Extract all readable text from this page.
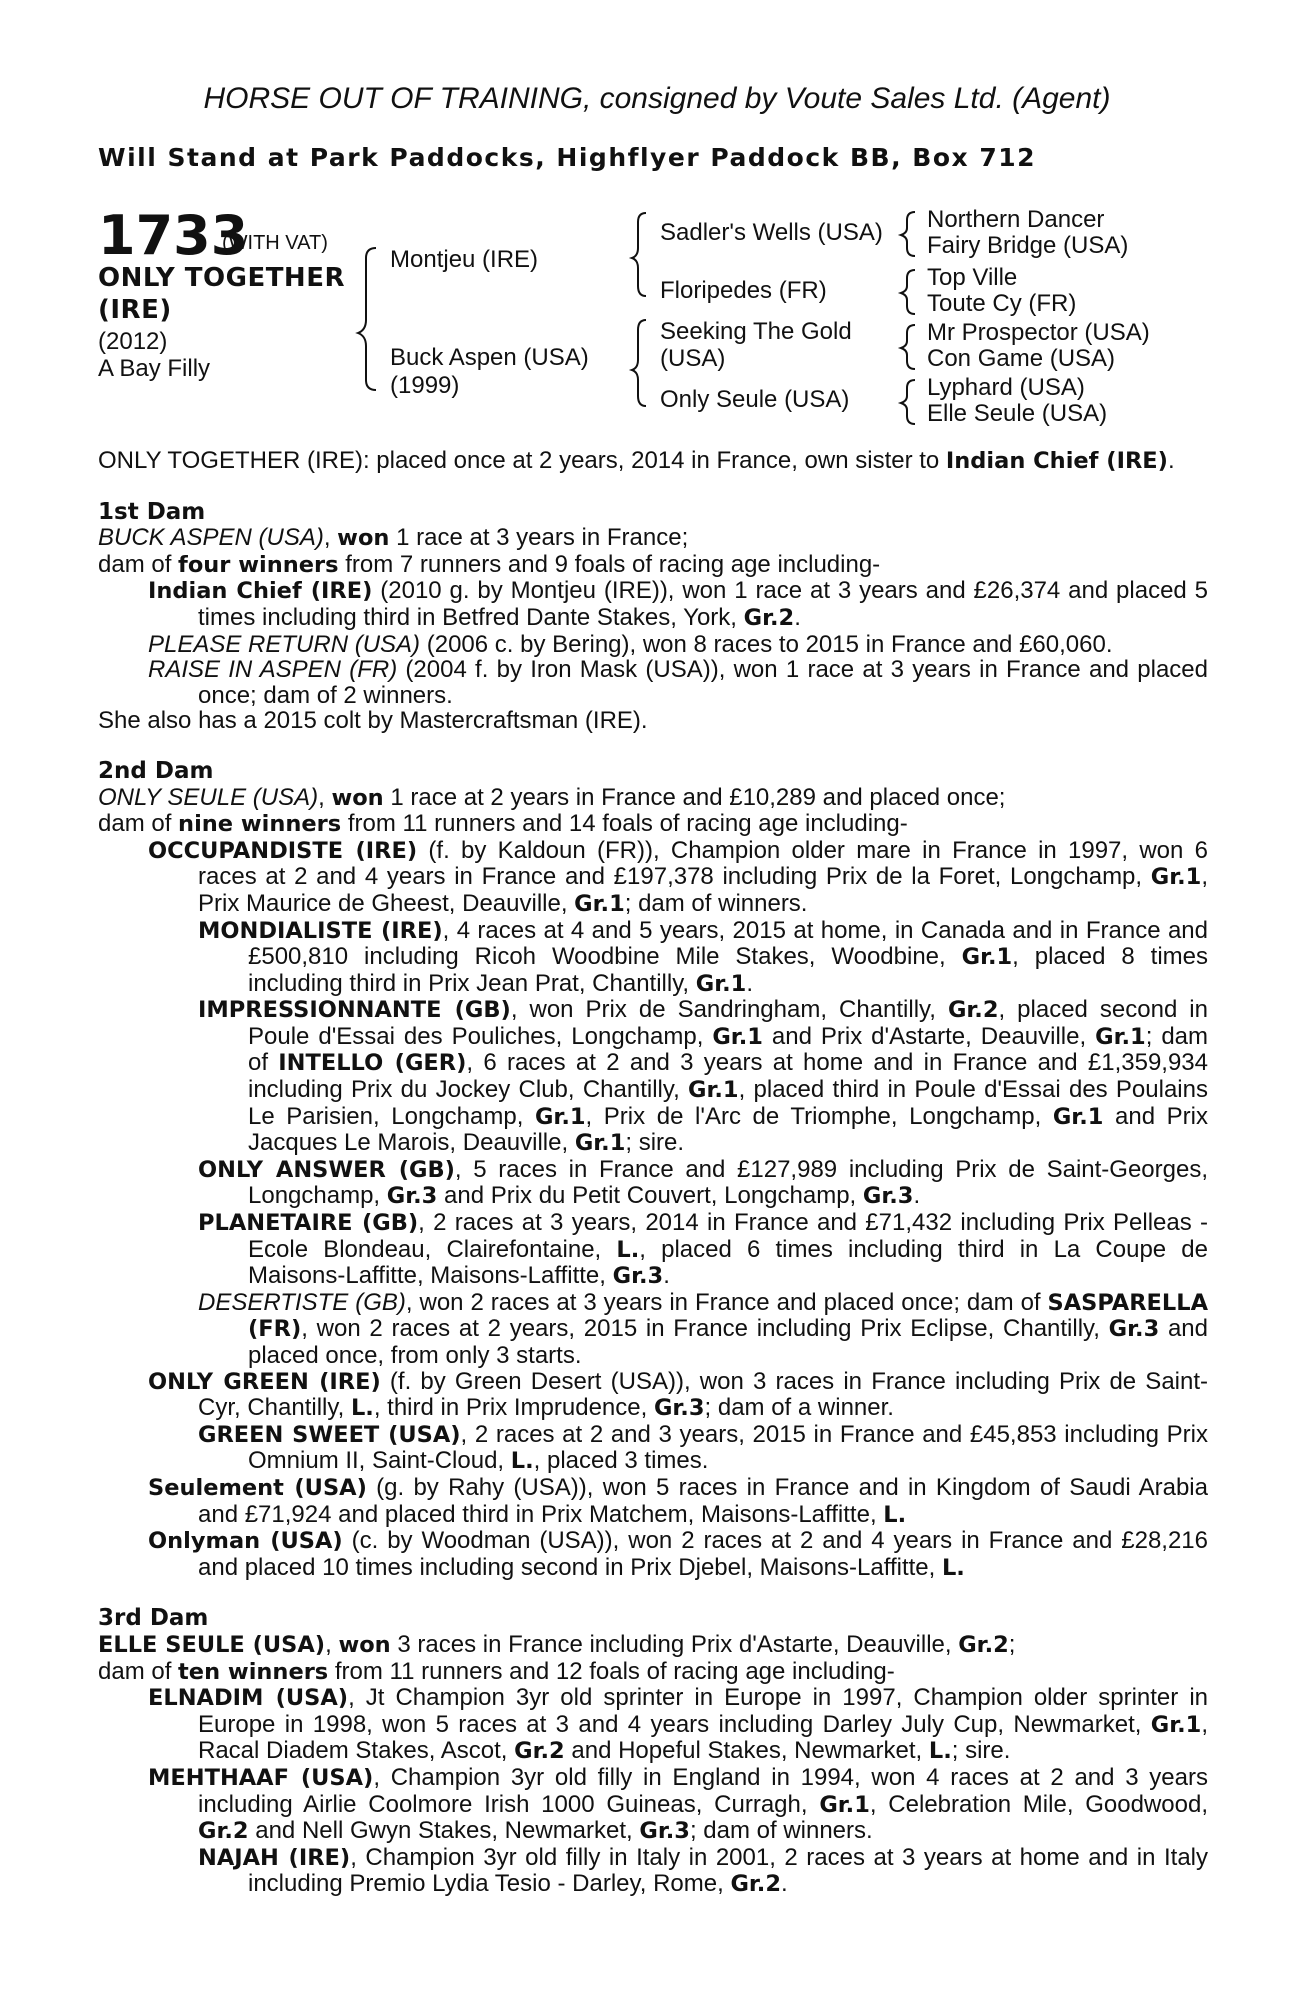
HORSE OUT OF TRAINING, consigned by Voute Sales Ltd. (Agent)
Will Stand at Park Paddocks, Highflyer Paddock BB, Box 712
1733
(WITH VAT)
ONLY TOGETHER (IRE)
(2012)
A Bay Filly
Montjeu (IRE)
Buck Aspen (USA)
(1999)
Sadler's Wells (USA)
Floripedes (FR)
Seeking The Gold
(USA)
Only Seule (USA)
Northern Dancer
Fairy Bridge (USA)
Top Ville
Toute Cy (FR)
Mr Prospector (USA)
Con Game (USA)
Lyphard (USA)
Elle Seule (USA)

ONLY TOGETHER (IRE): placed once at 2 years, 2014 in France, own sister to Indian Chief (IRE).

1st Dam

BUCK ASPEN (USA), won 1 race at 3 years in France;

dam of four winners from 7 runners and 9 foals of racing age including-

Indian Chief (IRE) (2010 g. by Montjeu (IRE)), won 1 race at 3 years and £26,374 and placed 5 times including third in Betfred Dante Stakes, York, Gr.2.

PLEASE RETURN (USA) (2006 c. by Bering), won 8 races to 2015 in France and £60,060.

RAISE IN ASPEN (FR) (2004 f. by Iron Mask (USA)), won 1 race at 3 years in France and placed once; dam of 2 winners.

She also has a 2015 colt by Mastercraftsman (IRE).

2nd Dam

ONLY SEULE (USA), won 1 race at 2 years in France and £10,289 and placed once;

dam of nine winners from 11 runners and 14 foals of racing age including-

OCCUPANDISTE (IRE) (f. by Kaldoun (FR)), Champion older mare in France in 1997, won 6 races at 2 and 4 years in France and £197,378 including Prix de la Foret, Longchamp, Gr.1, Prix Maurice de Gheest, Deauville, Gr.1; dam of winners.

MONDIALISTE (IRE), 4 races at 4 and 5 years, 2015 at home, in Canada and in France and £500,810 including Ricoh Woodbine Mile Stakes, Woodbine, Gr.1, placed 8 times including third in Prix Jean Prat, Chantilly, Gr.1.

IMPRESSIONNANTE (GB), won Prix de Sandringham, Chantilly, Gr.2, placed second in Poule d'Essai des Pouliches, Longchamp, Gr.1 and Prix d'Astarte, Deauville, Gr.1; dam of INTELLO (GER), 6 races at 2 and 3 years at home and in France and £1,359,934 including Prix du Jockey Club, Chantilly, Gr.1, placed third in Poule d'Essai des Poulains Le Parisien, Longchamp, Gr.1, Prix de l'Arc de Triomphe, Longchamp, Gr.1 and Prix Jacques Le Marois, Deauville, Gr.1; sire.

ONLY ANSWER (GB), 5 races in France and £127,989 including Prix de Saint-Georges, Longchamp, Gr.3 and Prix du Petit Couvert, Longchamp, Gr.3.

PLANETAIRE (GB), 2 races at 3 years, 2014 in France and £71,432 including Prix Pelleas - Ecole Blondeau, Clairefontaine, L., placed 6 times including third in La Coupe de Maisons-Laffitte, Maisons-Laffitte, Gr.3.

DESERTISTE (GB), won 2 races at 3 years in France and placed once; dam of SASPARELLA (FR), won 2 races at 2 years, 2015 in France including Prix Eclipse, Chantilly, Gr.3 and placed once, from only 3 starts.

ONLY GREEN (IRE) (f. by Green Desert (USA)), won 3 races in France including Prix de Saint-Cyr, Chantilly, L., third in Prix Imprudence, Gr.3; dam of a winner.

GREEN SWEET (USA), 2 races at 2 and 3 years, 2015 in France and £45,853 including Prix Omnium II, Saint-Cloud, L., placed 3 times.

Seulement (USA) (g. by Rahy (USA)), won 5 races in France and in Kingdom of Saudi Arabia and £71,924 and placed third in Prix Matchem, Maisons-Laffitte, L.

Onlyman (USA) (c. by Woodman (USA)), won 2 races at 2 and 4 years in France and £28,216 and placed 10 times including second in Prix Djebel, Maisons-Laffitte, L.

3rd Dam

ELLE SEULE (USA), won 3 races in France including Prix d'Astarte, Deauville, Gr.2;

dam of ten winners from 11 runners and 12 foals of racing age including-

ELNADIM (USA), Jt Champion 3yr old sprinter in Europe in 1997, Champion older sprinter in Europe in 1998, won 5 races at 3 and 4 years including Darley July Cup, Newmarket, Gr.1, Racal Diadem Stakes, Ascot, Gr.2 and Hopeful Stakes, Newmarket, L.; sire.

MEHTHAAF (USA), Champion 3yr old filly in England in 1994, won 4 races at 2 and 3 years including Airlie Coolmore Irish 1000 Guineas, Curragh, Gr.1, Celebration Mile, Goodwood, Gr.2 and Nell Gwyn Stakes, Newmarket, Gr.3; dam of winners.

NAJAH (IRE), Champion 3yr old filly in Italy in 2001, 2 races at 3 years at home and in Italy including Premio Lydia Tesio - Darley, Rome, Gr.2.
